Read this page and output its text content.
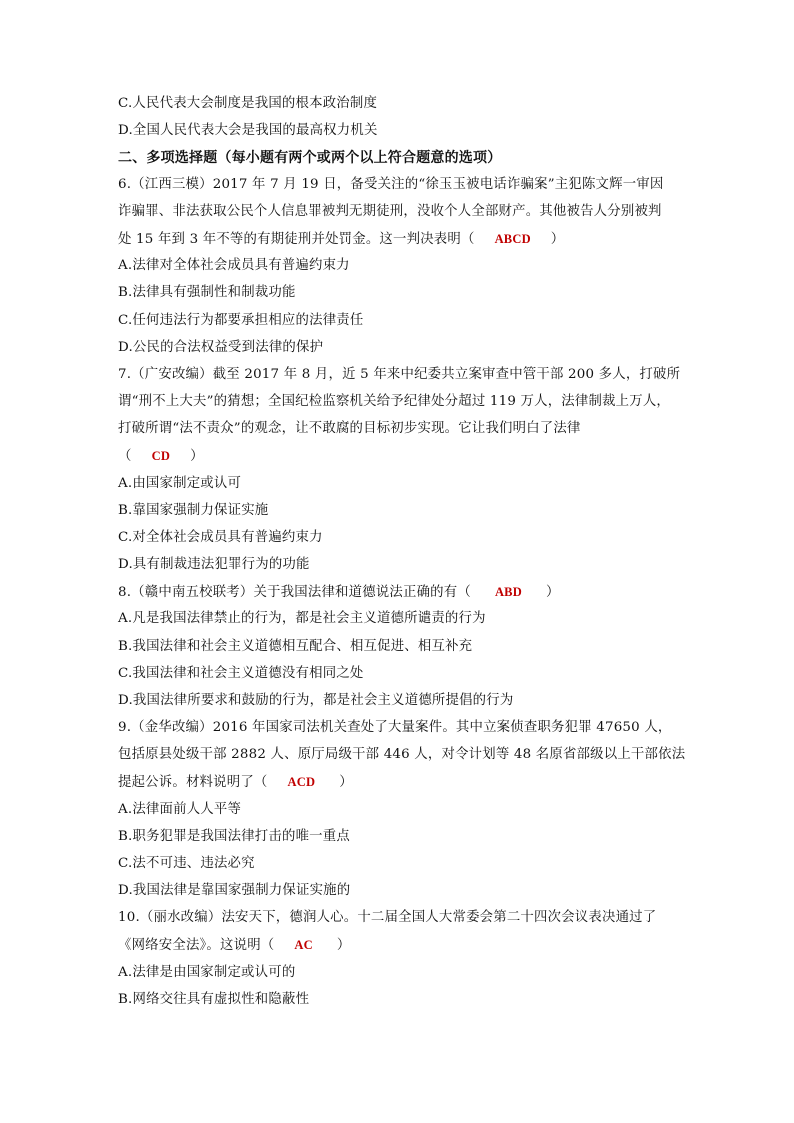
C.人民代表大会制度是我国的根本政治制度
D.全国人民代表大会是我国的最高权力机关
二、多项选择题（每小题有两个或两个以上符合题意的选项）
6.（江西三模）2017 年 7 月 19 日，备受关注的“徐玉玉被电话诈骗案”主犯陈文辉一审因
诈骗罪、非法获取公民个人信息罪被判无期徒刑，没收个人全部财产。其他被告人分别被判
处 15 年到 3 年不等的有期徒刑并处罚金。这一判决表明（ ABCD ）
A.法律对全体社会成员具有普遍约束力
B.法律具有强制性和制裁功能
C.任何违法行为都要承担相应的法律责任
D.公民的合法权益受到法律的保护
7.（广安改编）截至 2017 年 8 月，近 5 年来中纪委共立案审查中管干部 200 多人，打破所
谓“刑不上大夫”的猜想；全国纪检监察机关给予纪律处分超过 119 万人，法律制裁上万人，
打破所谓“法不责众”的观念，让不敢腐的目标初步实现。它让我们明白了法律
（ CD ）
A.由国家制定或认可
B.靠国家强制力保证实施
C.对全体社会成员具有普遍约束力
D.具有制裁违法犯罪行为的功能
8.（赣中南五校联考）关于我国法律和道德说法正确的有（ ABD ）
A.凡是我国法律禁止的行为，都是社会主义道德所谴责的行为
B.我国法律和社会主义道德相互配合、相互促进、相互补充
C.我国法律和社会主义道德没有相同之处
D.我国法律所要求和鼓励的行为，都是社会主义道德所提倡的行为
9.（金华改编）2016 年国家司法机关查处了大量案件。其中立案侦查职务犯罪 47650 人，
包括原县处级干部 2882 人、原厅局级干部 446 人，对令计划等 48 名原省部级以上干部依法
提起公诉。材料说明了（ ACD ）
A.法律面前人人平等
B.职务犯罪是我国法律打击的唯一重点
C.法不可违、违法必究
D.我国法律是靠国家强制力保证实施的
10.（丽水改编）法安天下，德润人心。十二届全国人大常委会第二十四次会议表决通过了
《网络安全法》。这说明（ AC ）
A.法律是由国家制定或认可的
B.网络交往具有虚拟性和隐蔽性
